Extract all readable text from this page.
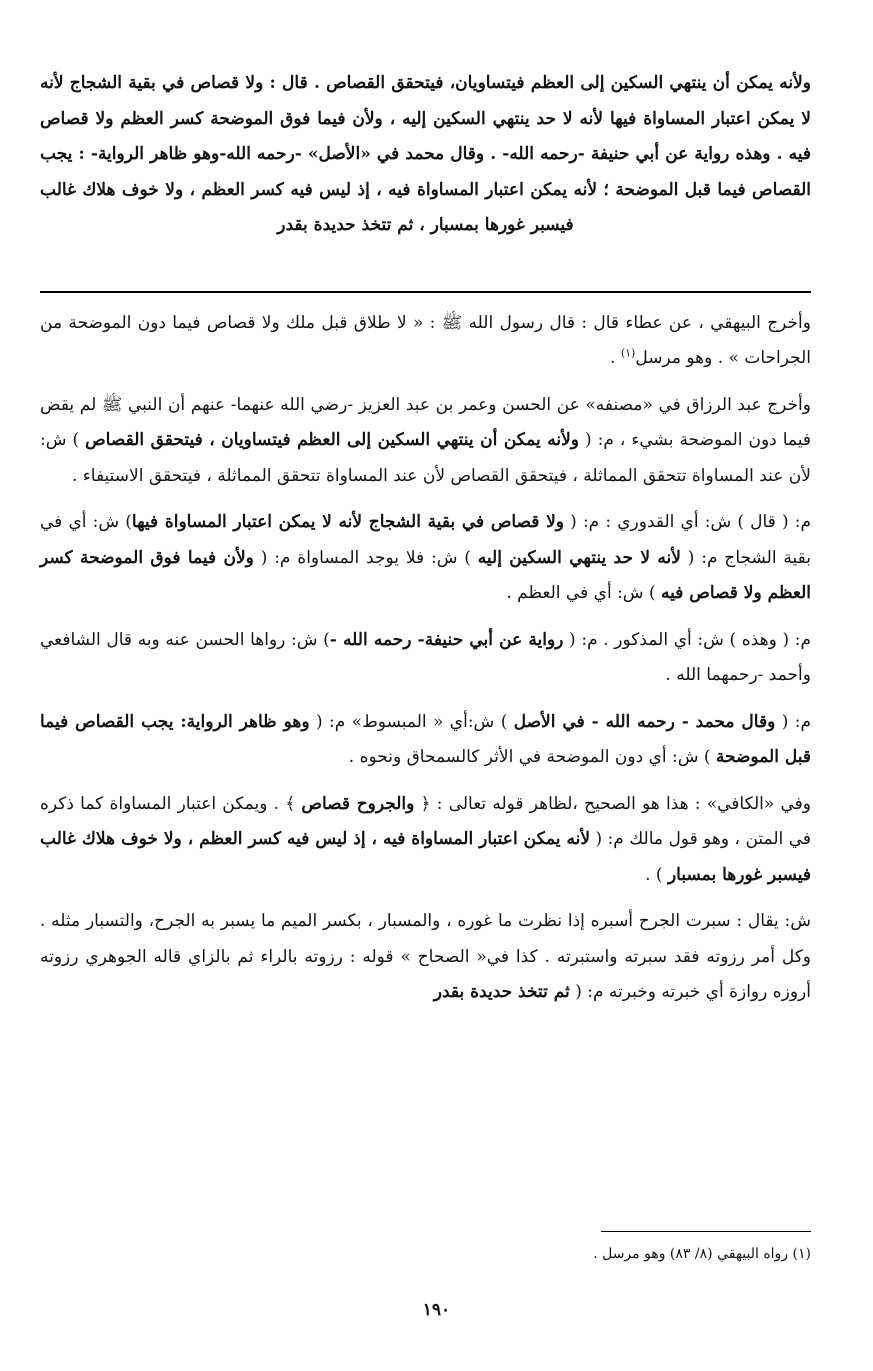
ولأنه يمكن أن ينتهي السكين إلى العظم فيتساويان، فيتحقق القصاص . قال : ولا قصاص في بقية الشجاج لأنه لا يمكن اعتبار المساواة فيها لأنه لا حد ينتهي السكين إليه ، ولأن فيما فوق الموضحة كسر العظم ولا قصاص فيه . وهذه رواية عن أبي حنيفة -رحمه الله- . وقال محمد في «الأصل» -رحمه الله-وهو ظاهر الرواية- : يجب القصاص فيما قبل الموضحة ؛ لأنه يمكن اعتبار المساواة فيه ، إذ ليس فيه كسر العظم ، ولا خوف هلاك غالب فيسبر غورها بمسبار ، ثم تتخذ حديدة بقدر

وأخرج البيهقي ، عن عطاء قال : قال رسول الله ﷺ : « لا طلاق قبل ملك ولا قصاص فيما دون الموضحة من الجراحات » . وهو مرسل$^{(١)}$ .

وأخرج عبد الرزاق في «مصنفه» عن الحسن وعمر بن عبد العزيز -رضي الله عنهما- عنهم أن النبي ﷺ لم يقض فيما دون الموضحة بشيء ، م: ( ولأنه يمكن أن ينتهي السكين إلى العظم فيتساويان ، فيتحقق القصاص ) ش: لأن عند المساواة تتحقق المماثلة ، فيتحقق القصاص لأن عند المساواة تتحقق المماثلة ، فيتحقق الاستيفاء .

م: ( قال ) ش: أي القدوري : م: ( ولا قصاص في بقية الشجاج لأنه لا يمكن اعتبار المساواة فيها) ش: أي في بقية الشجاج م: ( لأنه لا حد ينتهي السكين إليه ) ش: فلا يوجد المساواة م: ( ولأن فيما فوق الموضحة كسر العظم ولا قصاص فيه ) ش: أي في العظم .

م: ( وهذه ) ش: أي المذكور . م: ( رواية عن أبي حنيفة- رحمه الله -) ش: رواها الحسن عنه وبه قال الشافعي وأحمد -رحمهما الله .

م: ( وقال محمد - رحمه الله - في الأصل ) ش:أي « المبسوط» م: ( وهو ظاهر الرواية: يجب القصاص فيما قبل الموضحة ) ش: أي دون الموضحة في الأثر كالسمحاق ونحوه .

وفي «الكافي» : هذا هو الصحيح ،لظاهر قوله تعالى : ﴿ والجروح قصاص ﴾ . ويمكن اعتبار المساواة كما ذكره في المتن ، وهو قول مالك م: ( لأنه يمكن اعتبار المساواة فيه ، إذ ليس فيه كسر العظم ، ولا خوف هلاك غالب فيسبر غورها بمسبار ) .

ش: يقال : سبرت الجرح أسبره إذا نظرت ما غوره ، والمسبار ، بكسر الميم ما يسبر به الجرح، والتسبار مثله . وكل أمر رزوته فقد سبرته واستبرته . كذا في« الصحاح » قوله : رزوته بالراء ثم بالزاي قاله الجوهري رزوته أروزه روازة أي خبرته وخبرته م: ( ثم تتخذ حديدة بقدر

(١) رواه البيهقي (٨/ ٨٣) وهو مرسل .
١٩٠
